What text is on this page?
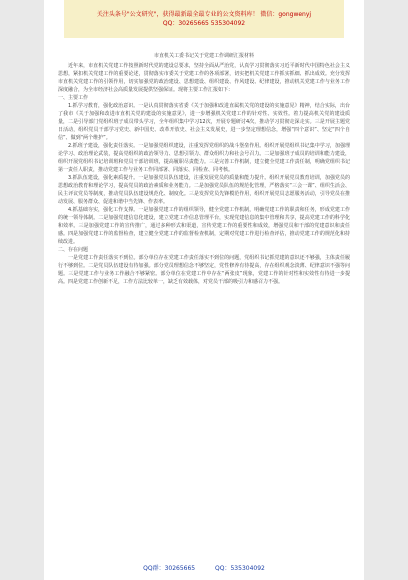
关注头条号"公文研究"，获得最新最全最专业的公文资料库！ 微信：gongwenyj
QQ：30265665 535304092
市直机关工委书记关于党建工作调研汇报材料

近年来，市直机关党建工作按照新时代党的建设总要求，坚持全面从严治党，认真学习贯彻落实习近平新时代中国特色社会主义思想，紧扣机关党建工作的重要论述，贯彻落实市委关于党建工作的各项部署，切实把机关党建工作抓实抓细、抓出成效。充分发挥市直机关党建工作的引领作用，切实加强党的政治建设、思想建设、组织建设、作风建设、纪律建设，推动机关党建工作与业务工作深度融合，为全市经济社会高质量发展提供坚强保证。现将主要工作汇报如下：

一、主要工作

1.抓学习教育，强化政治意识。一是认真贯彻落实省委《关于加强和改进直属机关党的建设的实施意见》精神，结合实际，出台了我市《关于加强和改进市直机关党的建设的实施意见》，进一步增强机关党建工作的针对性、实效性。着力提高机关党的建设质量，二是引导部门党组织班子成员带头学习，全年组织集中学习12次，开展专题研讨4次，推动学习贯彻走深走实。三是开展主题党日活动，组织党员干部学习党史、新中国史、改革开放史、社会主义发展史，进一步坚定理想信念，增强“四个意识”、坚定“四个自信”、做到“两个维护”。

2.抓班子建设，强化责任落实。一是加强党组织建设，注重发挥党组织的战斗堡垒作用。组织开展党组织书记集中学习，加强理论学习、政治理论武装，提高党组织的政治领导力、思想引领力、群众组织力和社会号召力。二是加强班子成员的培训和能力建设，组织开展党组织书记培训班和党员干部培训班，提高履职尽责能力。三是完善工作机制，建立健全党建工作责任制，明确党组织书记第一责任人职责，推动党建工作与业务工作同部署、同落实、同检查、同考核。

3.抓队伍建设，强化素质提升。一是加强党员队伍建设，注重发展党员的质量和能力提升。组织开展党员教育培训，加强党员的思想政治教育和理论学习，提高党员的政治素质和业务能力。二是加强党员队伍的规范化管理，严格落实“三会一课”、组织生活会、民主评议党员等制度，推动党员队伍建设规范化、制度化。三是发挥党员先锋模范作用，组织开展党员志愿服务活动，引导党员在推动发展、服务群众、促进和谐中当先锋、作表率。

4.抓基础夯实，强化工作支撑。一是加强党建工作的组织领导，健全党建工作机制，明确党建工作的职责和任务，形成党建工作的统一领导体制。二是加强党建信息化建设，建立党建工作信息管理平台，实现党建信息的集中管理和共享，提高党建工作的科学化和效率。三是加强党建工作的宣传推广，通过多种形式和渠道，宣传党建工作的重要性和成效，增强党员和干部的党建意识和责任感。四是加强党建工作的监督检查，建立健全党建工作的监督检查机制，定期对党建工作进行检查评估，推动党建工作的规范化和持续改进。

二、存在问题

一是党建工作责任落实不到位。部分单位存在党建工作责任落实不到位的问题，党组织书记抓党建的意识还不够强，主体责任履行不够到位。二是党员队伍建设有待加强。部分党员理想信念不够坚定，党性修养有待提高，存在组织观念淡薄、纪律意识不强等问题。三是党建工作与业务工作融合不够紧密。部分单位在党建工作中存在“两张皮”现象，党建工作的针对性和实效性有待进一步提高。四是党建工作创新不足，工作方法比较单一，缺乏有效载体，对党员干部的吸引力和感召力不强。

QQ群：30265665	QQ：535304092
